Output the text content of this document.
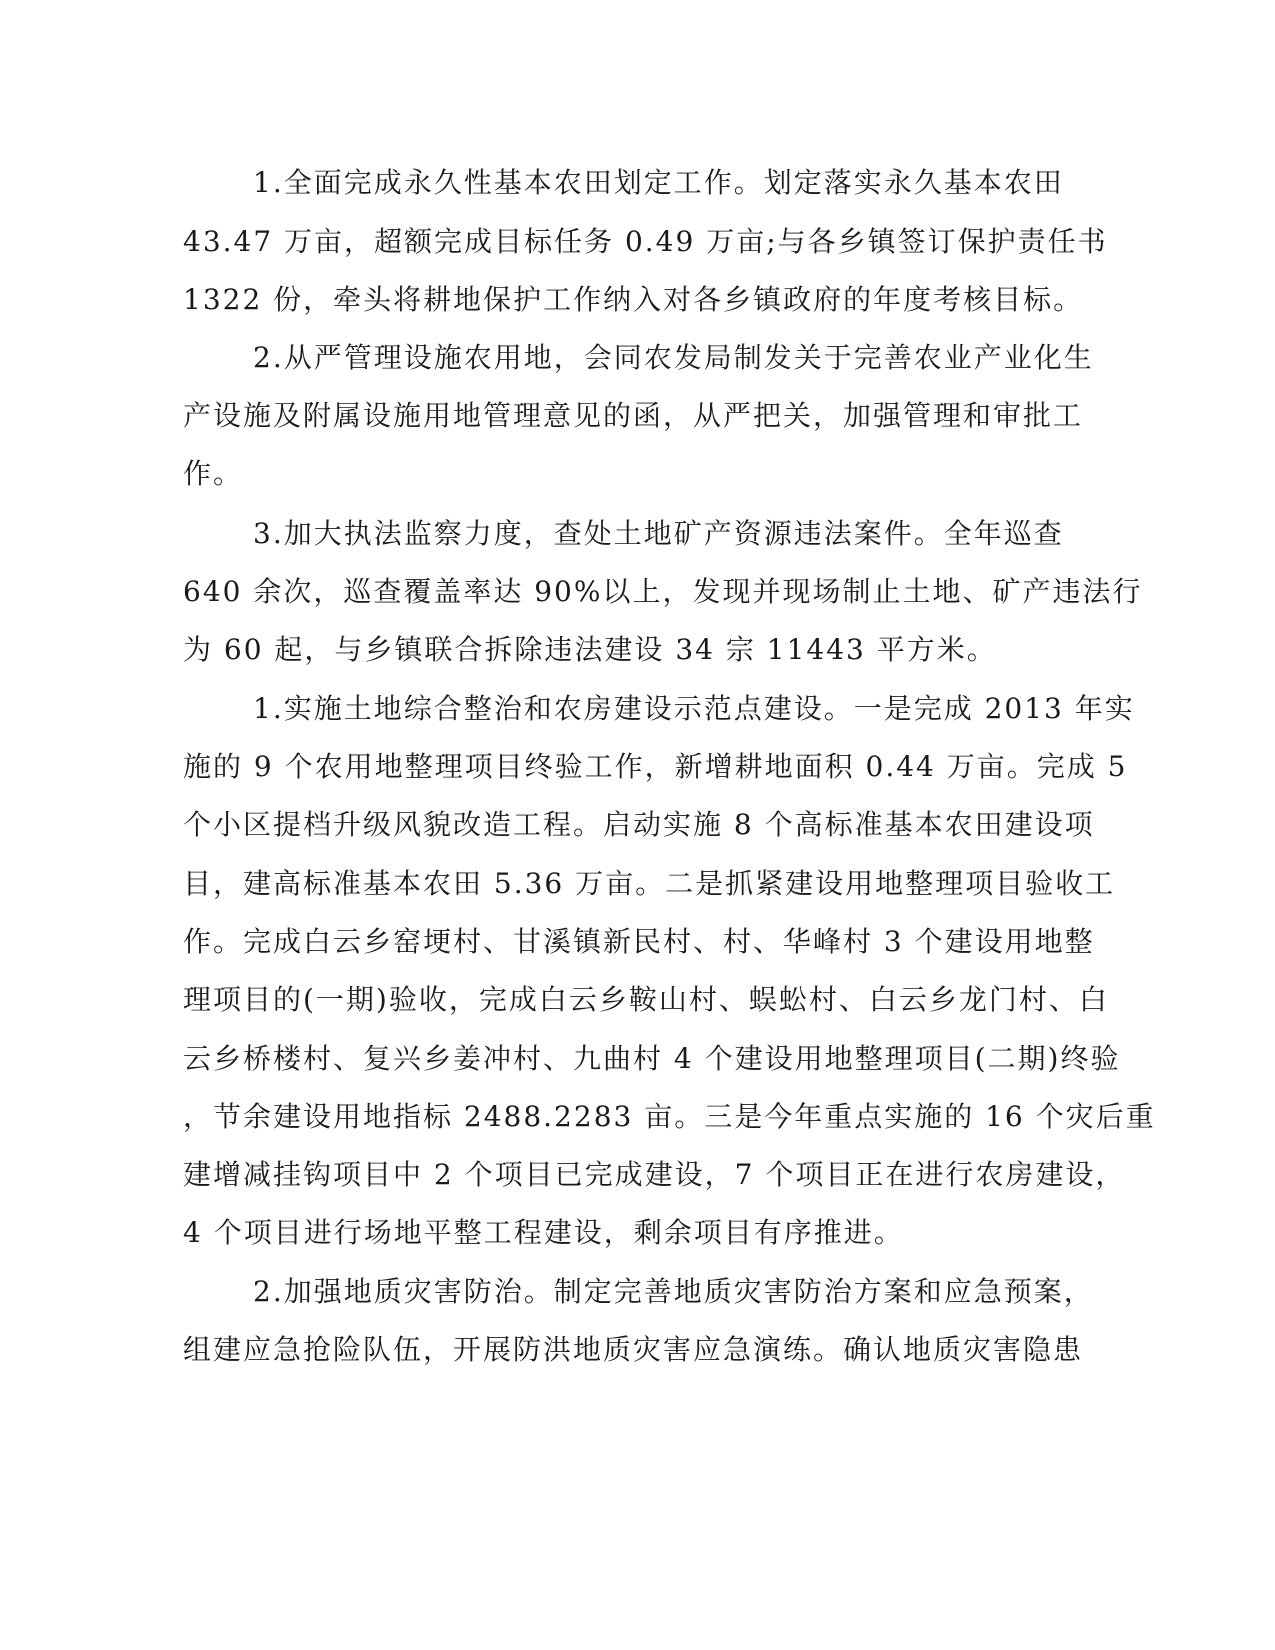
1.全面完成永久性基本农田划定工作。划定落实永久基本农田
43.47 万亩，超额完成目标任务 0.49 万亩;与各乡镇签订保护责任书
1322 份，牵头将耕地保护工作纳入对各乡镇政府的年度考核目标。
2.从严管理设施农用地，会同农发局制发关于完善农业产业化生
产设施及附属设施用地管理意见的函，从严把关，加强管理和审批工
作。
3.加大执法监察力度，查处土地矿产资源违法案件。全年巡查
640 余次，巡查覆盖率达 90%以上，发现并现场制止土地、矿产违法行
为 60 起，与乡镇联合拆除违法建设 34 宗 11443 平方米。
1.实施土地综合整治和农房建设示范点建设。一是完成 2013 年实
施的 9 个农用地整理项目终验工作，新增耕地面积 0.44 万亩。完成 5
个小区提档升级风貌改造工程。启动实施 8 个高标准基本农田建设项
目，建高标准基本农田 5.36 万亩。二是抓紧建设用地整理项目验收工
作。完成白云乡窑埂村、甘溪镇新民村、村、华峰村 3 个建设用地整
理项目的(一期)验收，完成白云乡鞍山村、蜈蚣村、白云乡龙门村、白
云乡桥楼村、复兴乡姜冲村、九曲村 4 个建设用地整理项目(二期)终验
，节余建设用地指标 2488.2283 亩。三是今年重点实施的 16 个灾后重
建增减挂钩项目中 2 个项目已完成建设，7 个项目正在进行农房建设，
4 个项目进行场地平整工程建设，剩余项目有序推进。
2.加强地质灾害防治。制定完善地质灾害防治方案和应急预案，
组建应急抢险队伍，开展防洪地质灾害应急演练。确认地质灾害隐患
